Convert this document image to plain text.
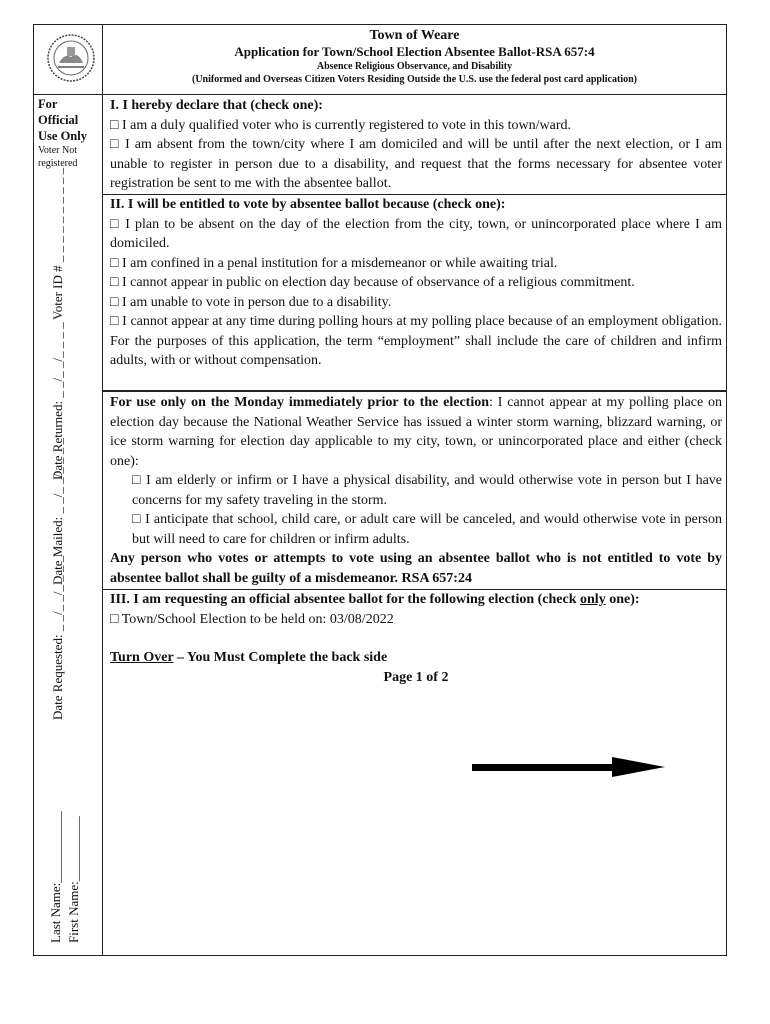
Town of Weare
Application for Town/School Election Absentee Ballot-RSA 657:4
Absence Religious Observance, and Disability
(Uniformed and Overseas Citizen Voters Residing Outside the U.S. use the federal post card application)
For
Official
Use Only
Voter Not
registered
Voter ID # _ _ _ _ _ _ _ _ _ _
Date Returned: _ _/_ _/_ _ _ _
Date Mailed: _ _/_ _/_ _ _ _
Date Requested: _ _/_ _/_ _ _ _
Last Name:___________ First Name:__________

I. I hereby declare that (check one):

□ I am a duly qualified voter who is currently registered to vote in this town/ward.

□ I am absent from the town/city where I am domiciled and will be until after the next election, or I am unable to register in person due to a disability, and request that the forms necessary for absentee voter registration be sent to me with the absentee ballot.

II. I will be entitled to vote by absentee ballot because (check one):

□ I plan to be absent on the day of the election from the city, town, or unincorporated place where I am domiciled.

□ I am confined in a penal institution for a misdemeanor or while awaiting trial.

□ I cannot appear in public on election day because of observance of a religious commitment.

□ I am unable to vote in person due to a disability.

□ I cannot appear at any time during polling hours at my polling place because of an employment obligation. For the purposes of this application, the term “employment” shall include the care of children and infirm adults, with or without compensation.

For use only on the Monday immediately prior to the election: I cannot appear at my polling place on election day because the National Weather Service has issued a winter storm warning, blizzard warning, or ice storm warning for election day applicable to my city, town, or unincorporated place and either (check one):

□ I am elderly or infirm or I have a physical disability, and would otherwise vote in person but I have concerns for my safety traveling in the storm.

□ I anticipate that school, child care, or adult care will be canceled, and would otherwise vote in person but will need to care for children or infirm adults.

Any person who votes or attempts to vote using an absentee ballot who is not entitled to vote by absentee ballot shall be guilty of a misdemeanor. RSA 657:24

III. I am requesting an official absentee ballot for the following election (check only one):

□ Town/School Election to be held on: 03/08/2022

Turn Over – You Must Complete the back side

Page 1 of 2
